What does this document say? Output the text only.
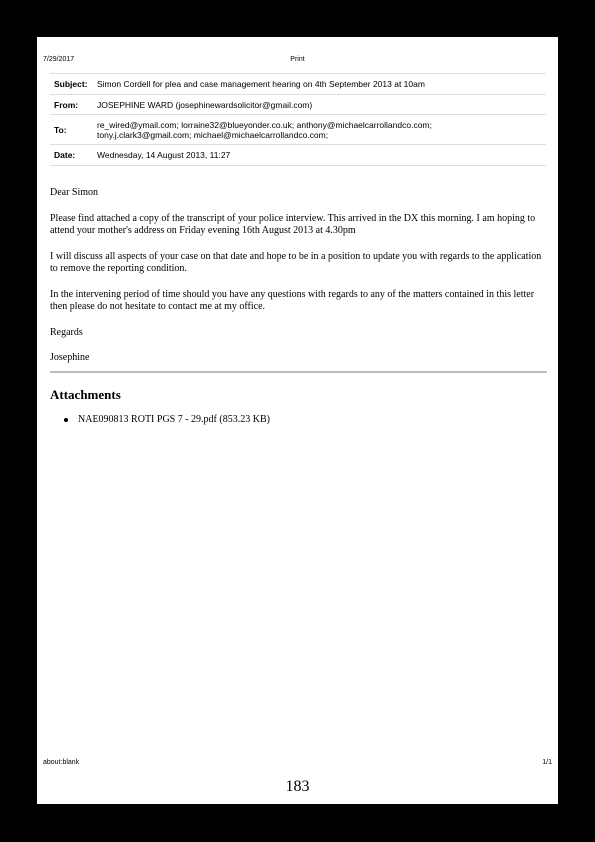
7/29/2017	Print
Subject:	Simon Cordell for plea and case management hearing on 4th September 2013 at 10am
From:	JOSEPHINE WARD (josephinewardsolicitor@gmail.com)
To:	re_wired@ymail.com; lorraine32@blueyonder.co.uk; anthony@michaelcarrollandco.com;
tony.j.clark3@gmail.com; michael@michaelcarrollandco.com;

Date:	Wednesday, 14 August 2013, 11:27

Dear Simon

Please find attached a copy of the transcript of your police interview. This arrived in the DX this morning. I am hoping to attend your mother's address on Friday evening 16th August 2013 at 4.30pm

I will discuss all aspects of your case on that date and hope to be in a position to update you with regards to the application to remove the reporting condition.

In the intervening period of time should you have any questions with regards to any of the matters contained in this letter then please do not hesitate to contact me at my office.

Regards

Josephine

Attachments
NAE090813 ROTI PGS 7 - 29.pdf (853.23 KB)
about:blank	1/1
183
